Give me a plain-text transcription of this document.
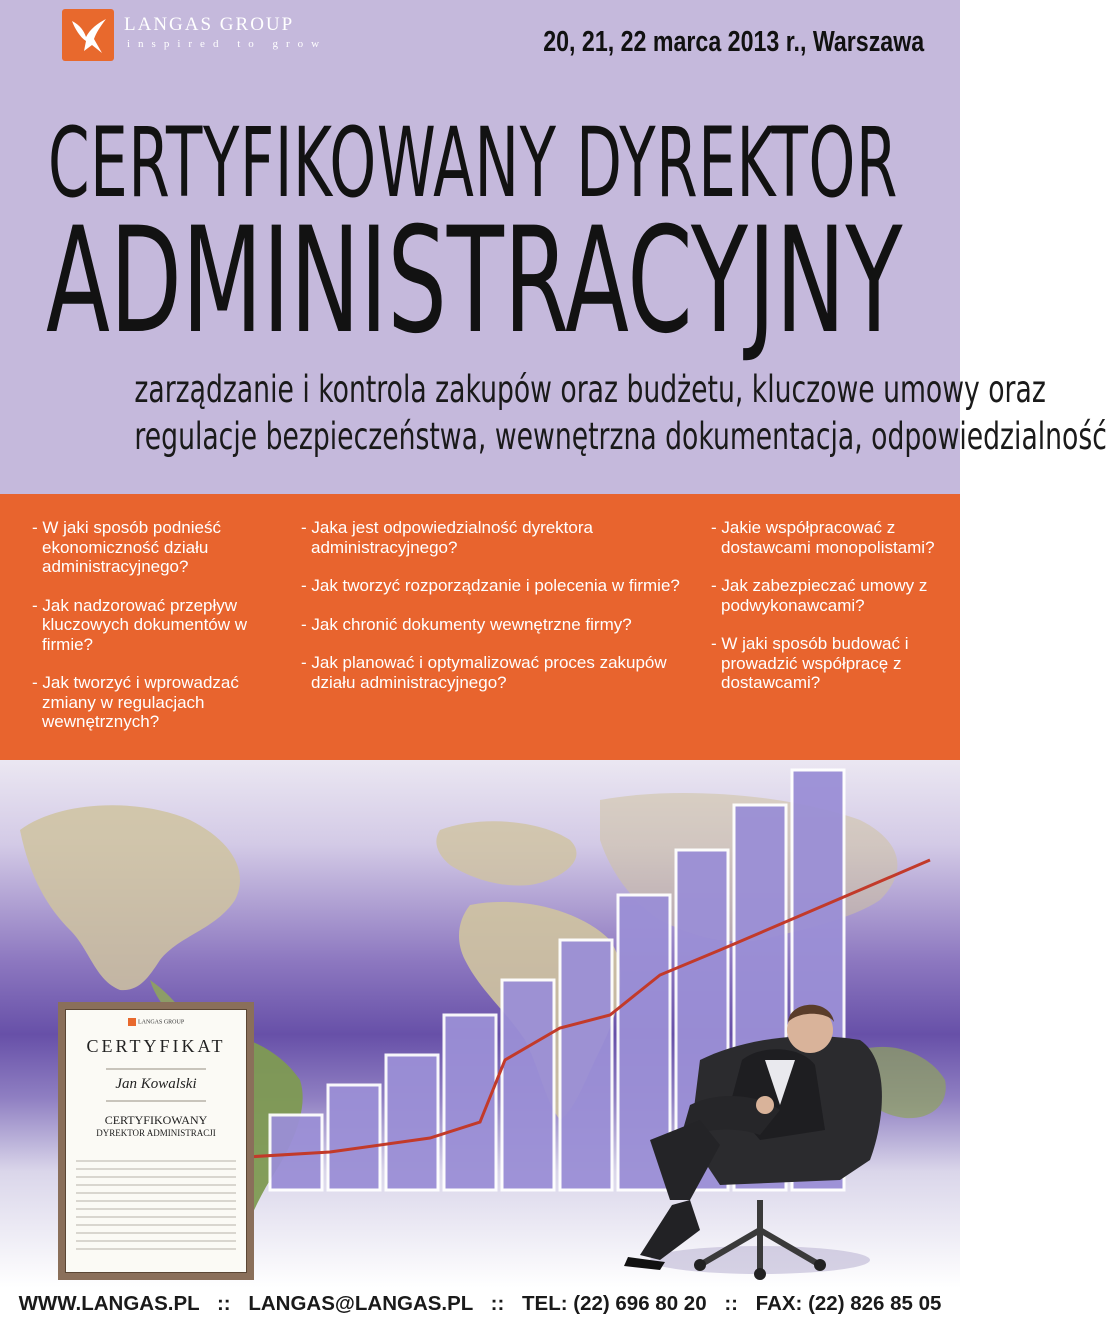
LANGAS GROUP
inspired to grow	20, 21, 22 marca 2013 r., Warszawa
CERTYFIKOWANY DYREKTOR
ADMINISTRACYJNY
zarządzanie i kontrola zakupów oraz budżetu, kluczowe umowy oraz
regulacje bezpieczeństwa, wewnętrzna dokumentacja, odpowiedzialność
- W jaki sposób podnieść ekonomiczność działu administracyjnego?
- Jak nadzorować przepływ kluczowych dokumentów w firmie?
- Jak tworzyć i wprowadzać zmiany w regulacjach wewnętrznych?
- Jaka jest odpowiedzialność dyrektora administracyjnego?
- Jak tworzyć rozporządzanie i polecenia w firmie?
- Jak chronić dokumenty wewnętrzne firmy?
- Jak planować i optymalizować proces zakupów działu administracyjnego?
- Jakie współpracować z dostawcami monopolistami?
- Jak zabezpieczać umowy z podwykonawcami?
- W jaki sposób budować i prowadzić współpracę z dostawcami?
LANGAS GROUP
CERTYFIKAT
Jan Kowalski
CERTYFIKOWANY
DYREKTOR ADMINISTRACJI
WWW.LANGAS.PL :: LANGAS@LANGAS.PL :: TEL: (22) 696 80 20 :: FAX: (22) 826 85 05
